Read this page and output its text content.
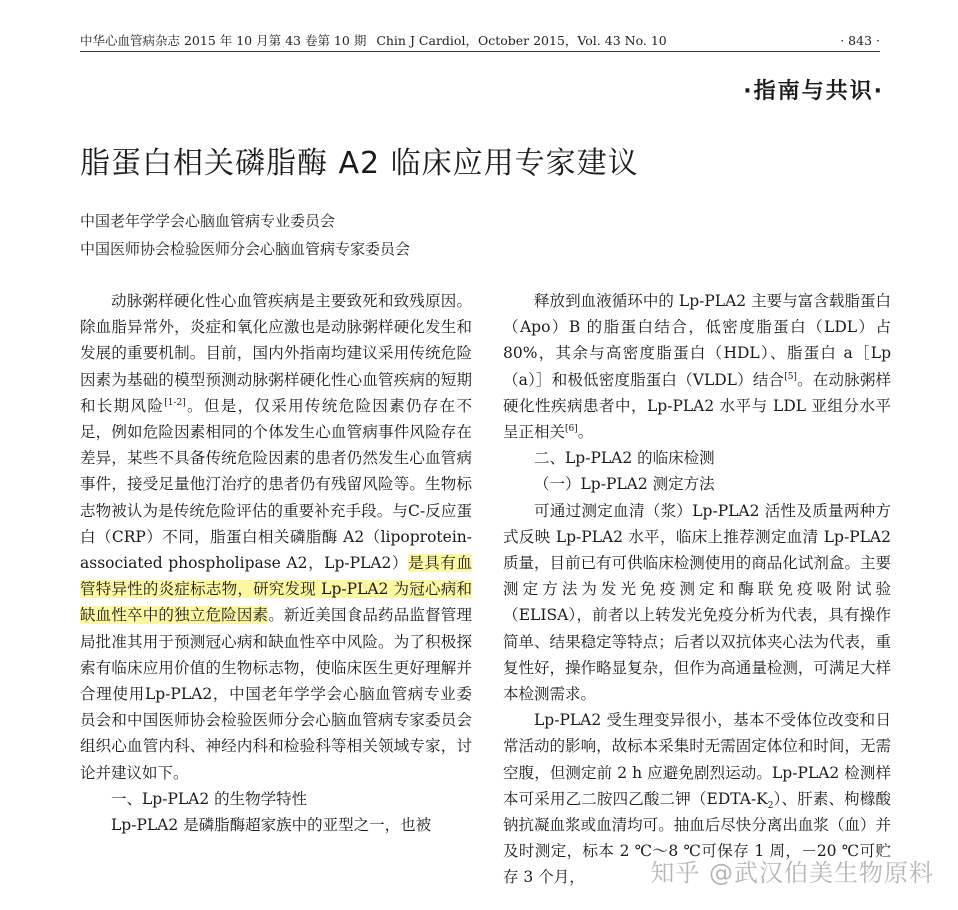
中华心血管病杂志 2015 年 10 月第 43 卷第 10 期 Chin J Cardiol，October 2015，Vol. 43 No. 10	· 843 ·
·指南与共识·
脂蛋白相关磷脂酶 A2 临床应用专家建议
中国老年学学会心脑血管病专业委员会
中国医师协会检验医师分会心脑血管病专家委员会

动脉粥样硬化性心血管疾病是主要致死和致残原因。除血脂异常外，炎症和氧化应激也是动脉粥样硬化发生和发展的重要机制。目前，国内外指南均建议采用传统危险因素为基础的模型预测动脉粥样硬化性心血管疾病的短期和长期风险[1-2]。但是，仅采用传统危险因素仍存在不足，例如危险因素相同的个体发生心血管病事件风险存在差异，某些不具备传统危险因素的患者仍然发生心血管病事件，接受足量他汀治疗的患者仍有残留风险等。生物标志物被认为是传统危险评估的重要补充手段。与C-反应蛋白（CRP）不同，脂蛋白相关磷脂酶 A2（lipoprotein-associated phospholipase A2，Lp-PLA2）是具有血管特异性的炎症标志物，研究发现 Lp-PLA2 为冠心病和缺血性卒中的独立危险因素。新近美国食品药品监督管理局批准其用于预测冠心病和缺血性卒中风险。为了积极探索有临床应用价值的生物标志物，使临床医生更好理解并合理使用Lp-PLA2，中国老年学学会心脑血管病专业委员会和中国医师协会检验医师分会心脑血管病专家委员会组织心血管内科、神经内科和检验科等相关领域专家，讨论并建议如下。

一、Lp-PLA2 的生物学特性

Lp-PLA2 是磷脂酶超家族中的亚型之一，也被

释放到血液循环中的 Lp-PLA2 主要与富含载脂蛋白（Apo）B 的脂蛋白结合，低密度脂蛋白（LDL）占 80%，其余与高密度脂蛋白（HDL）、脂蛋白 a［Lp（a）］和极低密度脂蛋白（VLDL）结合[5]。在动脉粥样硬化性疾病患者中，Lp-PLA2 水平与 LDL 亚组分水平呈正相关[6]。

二、Lp-PLA2 的临床检测

（一）Lp-PLA2 测定方法

可通过测定血清（浆）Lp-PLA2 活性及质量两种方式反映 Lp-PLA2 水平，临床上推荐测定血清 Lp-PLA2 质量，目前已有可供临床检测使用的商品化试剂盒。主要测定方法为发光免疫测定和酶联免疫吸附试验（ELISA），前者以上转发光免疫分析为代表，具有操作简单、结果稳定等特点；后者以双抗体夹心法为代表，重复性好，操作略显复杂，但作为高通量检测，可满足大样本检测需求。

Lp-PLA2 受生理变异很小，基本不受体位改变和日常活动的影响，故标本采集时无需固定体位和时间，无需空腹，但测定前 2 h 应避免剧烈运动。Lp-PLA2 检测样本可采用乙二胺四乙酸二钾$(EDTA-K_2)$、肝素、枸橼酸钠抗凝血浆或血清均可。抽血后尽快分离出血浆（血）并及时测定，标本 2 ℃～8 ℃可保存 1 周，－20 ℃可贮存 3 个月，	知乎 @武汉伯美生物原料
